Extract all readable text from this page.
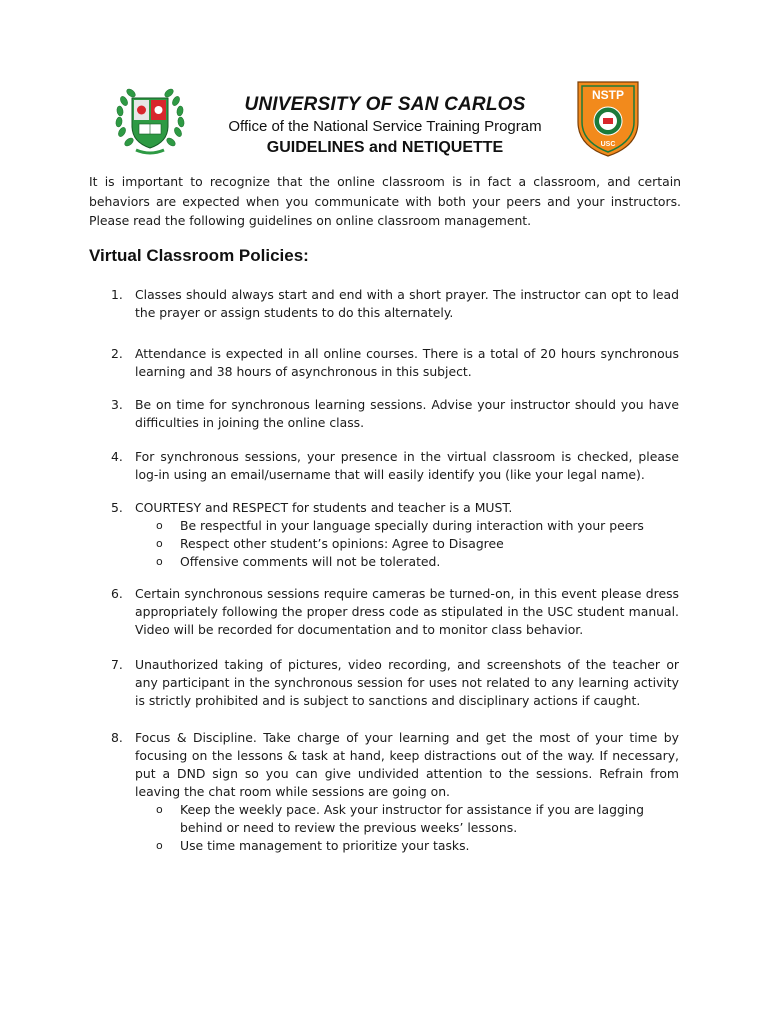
UNIVERSITY OF SAN CARLOS
Office of the National Service Training Program
GUIDELINES and NETIQUETTE
NSTP
USC
It is important to recognize that the online classroom is in fact a classroom, and certain behaviors are expected when you communicate with both your peers and your instructors. Please read the following guidelines on online classroom management.
Virtual Classroom Policies:
1. Classes should always start and end with a short prayer. The instructor can opt to lead the prayer or assign students to do this alternately.
2. Attendance is expected in all online courses. There is a total of 20 hours synchronous learning and 38 hours of asynchronous in this subject.
3. Be on time for synchronous learning sessions. Advise your instructor should you have difficulties in joining the online class.
4. For synchronous sessions, your presence in the virtual classroom is checked, please log-in using an email/username that will easily identify you (like your legal name).
5. COURTESY and RESPECT for students and teacher is a MUST.
o Be respectful in your language specially during interaction with your peers
o Respect other student’s opinions: Agree to Disagree
o Offensive comments will not be tolerated.
6. Certain synchronous sessions require cameras be turned-on, in this event please dress appropriately following the proper dress code as stipulated in the USC student manual. Video will be recorded for documentation and to monitor class behavior.
7. Unauthorized taking of pictures, video recording, and screenshots of the teacher or any participant in the synchronous session for uses not related to any learning activity is strictly prohibited and is subject to sanctions and disciplinary actions if caught.
8. Focus & Discipline. Take charge of your learning and get the most of your time by focusing on the lessons & task at hand, keep distractions out of the way. If necessary, put a DND sign so you can give undivided attention to the sessions. Refrain from leaving the chat room while sessions are going on.
o Keep the weekly pace. Ask your instructor for assistance if you are lagging behind or need to review the previous weeks’ lessons.
o Use time management to prioritize your tasks.
